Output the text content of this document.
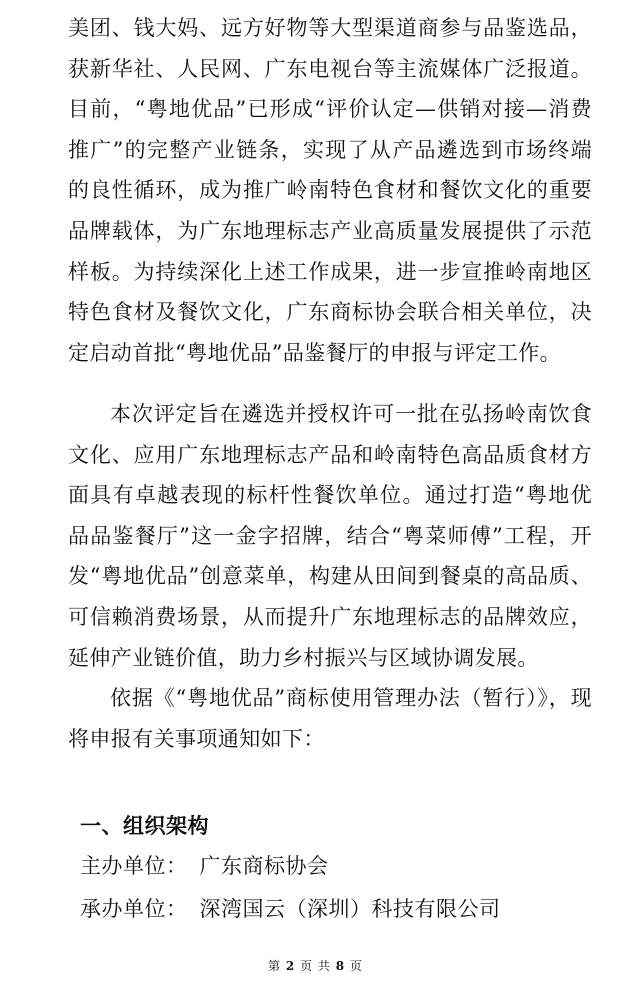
美团、钱大妈、远方好物等大型渠道商参与品鉴选品，获新华社、人民网、广东电视台等主流媒体广泛报道。目前，“粤地优品”已形成“评价认定—供销对接—消费推广”的完整产业链条，实现了从产品遴选到市场终端的良性循环，成为推广岭南特色食材和餐饮文化的重要品牌载体，为广东地理标志产业高质量发展提供了示范样板。为持续深化上述工作成果，进一步宣推岭南地区特色食材及餐饮文化，广东商标协会联合相关单位，决定启动首批“粤地优品”品鉴餐厅的申报与评定工作。

本次评定旨在遴选并授权许可一批在弘扬岭南饮食文化、应用广东地理标志产品和岭南特色高品质食材方面具有卓越表现的标杆性餐饮单位。通过打造“粤地优品品鉴餐厅”这一金字招牌，结合“粤菜师傅”工程，开发“粤地优品”创意菜单，构建从田间到餐桌的高品质、可信赖消费场景，从而提升广东地理标志的品牌效应，延伸产业链价值，助力乡村振兴与区域协调发展。

依据《“粤地优品”商标使用管理办法（暂行）》，现将申报有关事项通知如下：

一、组织架构

主办单位： 广东商标协会

承办单位： 深湾国云（深圳）科技有限公司

第 2 页 共 8 页
